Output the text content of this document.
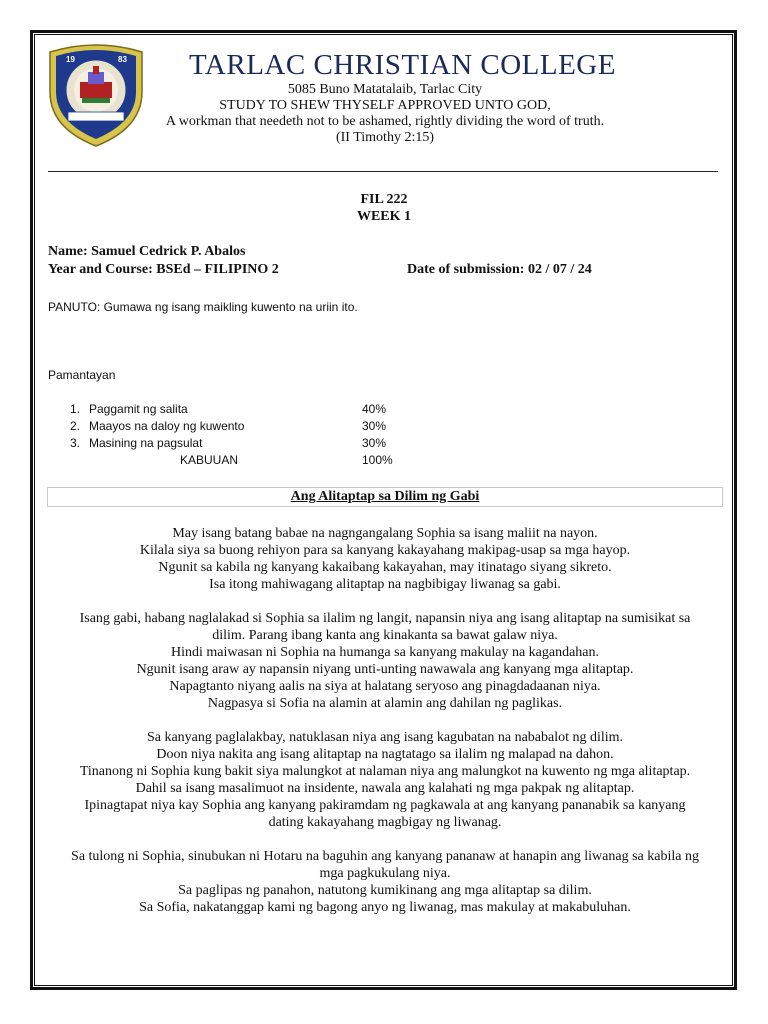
19	83	TARLAC CHRISTIAN COLLEGE
5085 Buno Matatalaib, Tarlac City
STUDY TO SHEW THYSELF APPROVED UNTO GOD,
A workman that needeth not to be ashamed, rightly dividing the word of truth.
(II Timothy 2:15)
FIL 222
WEEK 1
Name: Samuel Cedrick P. Abalos
Year and Course: BSEd – FILIPINO 2	Date of submission: 02 / 07 / 24
PANUTO: Gumawa ng isang maikling kuwento na uriin ito.
Pamantayan
1. Paggamit ng salita	40%
2. Maayos na daloy ng kuwento	30%
3. Masining na pagsulat	30%
KABUUAN	100%
Ang Alitaptap sa Dilim ng Gabi
May isang batang babae na nagngangalang Sophia sa isang maliit na nayon.
Kilala siya sa buong rehiyon para sa kanyang kakayahang makipag-usap sa mga hayop.
Ngunit sa kabila ng kanyang kakaibang kakayahan, may itinatago siyang sikreto.
Isa itong mahiwagang alitaptap na nagbibigay liwanag sa gabi.
Isang gabi, habang naglalakad si Sophia sa ilalim ng langit, napansin niya ang isang alitaptap na sumisikat sa
dilim. Parang ibang kanta ang kinakanta sa bawat galaw niya.
Hindi maiwasan ni Sophia na humanga sa kanyang makulay na kagandahan.
Ngunit isang araw ay napansin niyang unti-unting nawawala ang kanyang mga alitaptap.
Napagtanto niyang aalis na siya at halatang seryoso ang pinagdadaanan niya.
Nagpasya si Sofia na alamin at alamin ang dahilan ng paglikas.
Sa kanyang paglalakbay, natuklasan niya ang isang kagubatan na nababalot ng dilim.
Doon niya nakita ang isang alitaptap na nagtatago sa ilalim ng malapad na dahon.
Tinanong ni Sophia kung bakit siya malungkot at nalaman niya ang malungkot na kuwento ng mga alitaptap.
Dahil sa isang masalimuot na insidente, nawala ang kalahati ng mga pakpak ng alitaptap.
Ipinagtapat niya kay Sophia ang kanyang pakiramdam ng pagkawala at ang kanyang pananabik sa kanyang
dating kakayahang magbigay ng liwanag.
Sa tulong ni Sophia, sinubukan ni Hotaru na baguhin ang kanyang pananaw at hanapin ang liwanag sa kabila ng
mga pagkukulang niya.
Sa paglipas ng panahon, natutong kumikinang ang mga alitaptap sa dilim.
Sa Sofia, nakatanggap kami ng bagong anyo ng liwanag, mas makulay at makabuluhan.
